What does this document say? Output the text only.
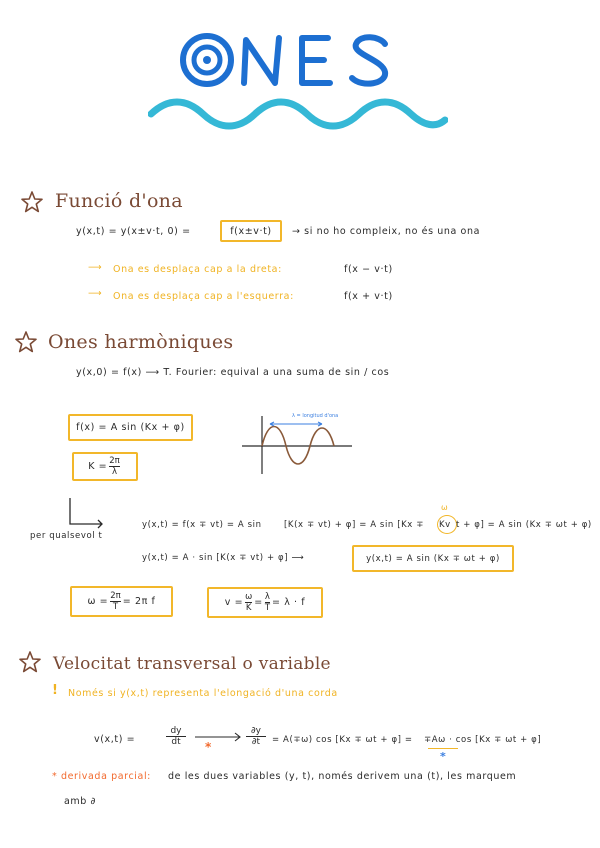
Funció d'ona
y(x,t) = y(x±v·t, 0) =	f(x±v·t) → si no ho compleix, no és una ona
⟶ Ona es desplaça cap a la dreta:	f(x − v·t)
⟶ Ona es desplaça cap a l'esquerra:	f(x + v·t)
Ones harmòniques
y(x,0) = f(x) ⟶ T. Fourier: equival a una suma de sin / cos
f(x) = A sin (Kx + φ)
$K = \frac{2\pi}{\lambda}$
λ = longitud d'ona
per qualsevol t
y(x,t) = f(x ∓ vt) = A sin	[K(x ∓ vt) + φ] = A sin [Kx ∓ Kv
ω
t + φ] = A sin (Kx ∓ ωt + φ)
y(x,t) = A · sin [K(x ∓ vt) + φ] ⟶	y(x,t) = A sin (Kx ∓ ωt + φ)
$\omega = \frac{2\pi}{T} = 2\pi$ f	$v = \frac{\omega}{K} = \frac{\lambda}{T} = \lambda \cdot f$
Velocitat transversal o variable
! Només si y(x,t) representa l'elongació d'una corda
v(x,t) =
dy
dt *
∂y
∂t = A(∓ω) cos [Kx ∓ ωt + φ] = ∓Aω · cos [Kx ∓ ωt + φ]
*
* derivada parcial: de les dues variables (y, t), només derivem una (t), les marquem
amb ∂
